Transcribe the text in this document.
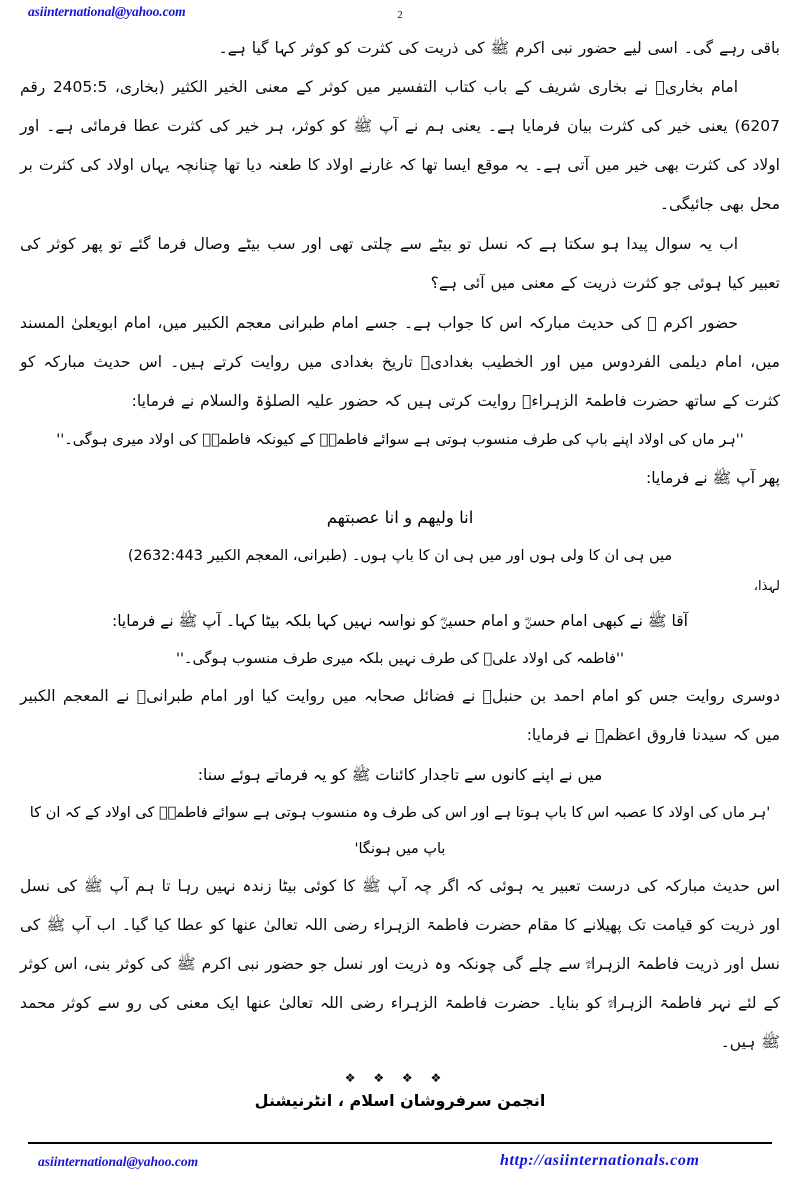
asiinternational@yahoo.com	2

باقی رہے گی۔ اسی لیے حضور نبی اکرم ﷺ کی ذریت کی کثرت کو کوثر کہا گیا ہے۔

امام بخاریؒ نے بخاری شریف کے باب کتاب التفسیر میں کوثر کے معنی الخیر الکثیر (بخاری، 2405:5 رقم 6207) یعنی خیر کی کثرت بیان فرمایا ہے۔ یعنی ہم نے آپ ﷺ کو کوثر، ہر خیر کی کثرت عطا فرمائی ہے۔ اور اولاد کی کثرت بھی خیر میں آتی ہے۔ یہ موقع ایسا تھا کہ غارنے اولاد کا طعنہ دیا تھا چنانچہ یہاں اولاد کی کثرت بر محل بھی جائیگی۔

اب یہ سوال پیدا ہو سکتا ہے کہ نسل تو بیٹے سے چلتی تھی اور سب بیٹے وصال فرما گئے تو پھر کوثر کی تعبیر کیا ہوئی جو کثرت ذریت کے معنی میں آئی ہے؟

حضور اکرم ﷺ کی حدیث مبارکہ اس کا جواب ہے۔ جسے امام طبرانی معجم الکبیر میں، امام ابویعلیٰ المسند میں، امام دیلمی الفردوس میں اور الخطیب بغدادیؒ تاریخ بغدادی میں روایت کرتے ہیں۔ اس حدیث مبارکہ کو کثرت کے ساتھ حضرت فاطمۃ الزہراءؓ روایت کرتی ہیں کہ حضور علیہ الصلوٰۃ والسلام نے فرمایا:

''ہر ماں کی اولاد اپنے باپ کی طرف منسوب ہوتی ہے سوائے فاطمہؑ کے کیونکہ فاطمہؑ کی اولاد میری ہوگی۔''

پھر آپ ﷺ نے فرمایا:

انا وليهم و انا عصبتهم

میں ہی ان کا ولی ہوں اور میں ہی ان کا باپ ہوں۔ (طبرانی، المعجم الکبیر 2632:443)

لہذا،

آقا ﷺ نے کبھی امام حسنؓ و امام حسینؓ کو نواسہ نہیں کہا بلکہ بیٹا کہا۔ آپ ﷺ نے فرمایا:

''فاطمہ کی اولاد علیؑ کی طرف نہیں بلکہ میری طرف منسوب ہوگی۔''

دوسری روایت جس کو امام احمد بن حنبلؒ نے فضائل صحابہ میں روایت کیا اور امام طبرانیؒ نے المعجم الکبیر میں کہ سیدنا فاروق اعظمؓ نے فرمایا:

میں نے اپنے کانوں سے تاجدار کائنات ﷺ کو یہ فرماتے ہوئے سنا:

'ہر ماں کی اولاد کا عصبہ اس کا باپ ہوتا ہے اور اس کی طرف وہ منسوب ہوتی ہے سوائے فاطمہؑ کی اولاد کے کہ ان کا باپ میں ہونگا'

اس حدیث مبارکہ کی درست تعبیر یہ ہوئی کہ اگر چہ آپ ﷺ کا کوئی بیٹا زندہ نہیں رہا تا ہم آپ ﷺ کی نسل اور ذریت کو قیامت تک پھیلانے کا مقام حضرت فاطمۃ الزہراء رضی اللہ تعالیٰ عنھا کو عطا کیا گیا۔ اب آپ ﷺ کی نسل اور ذریت فاطمۃ الزہراءؓ سے چلے گی چونکہ وہ ذریت اور نسل جو حضور نبی اکرم ﷺ کی کوثر بنی، اس کوثر کے لئے نہر فاطمۃ الزہراءؓ کو بنایا۔ حضرت فاطمۃ الزہراء رضی اللہ تعالیٰ عنھا ایک معنی کی رو سے کوثر محمد ﷺ ہیں۔

❖ ❖ ❖ ❖
انجمن سرفروشان اسلام ، انٹرنیشنل
asiinternational@yahoo.com	http://asiinternationals.com
